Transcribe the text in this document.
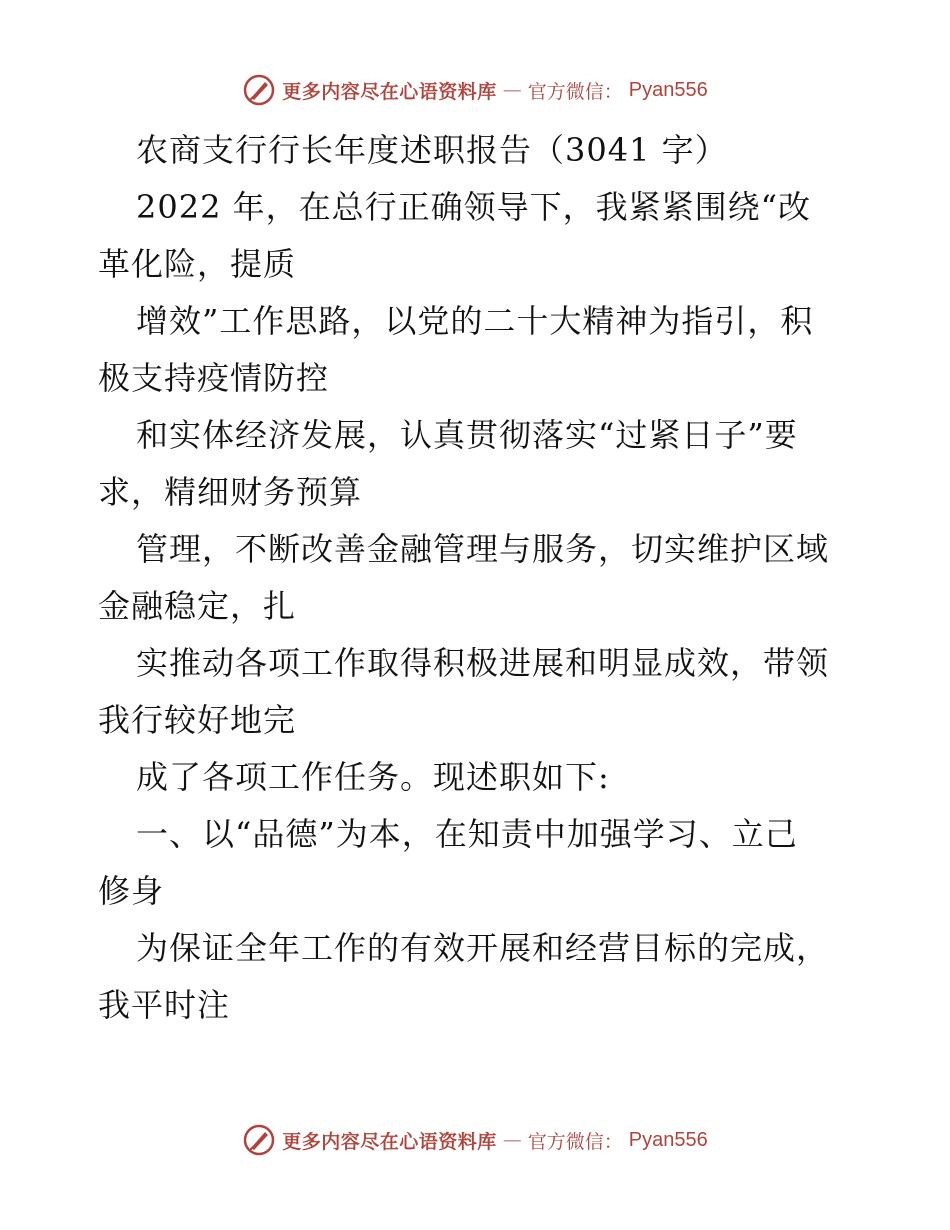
更多内容尽在心语资料库 — 官方微信： Pyan556
农商支行行长年度述职报告（3041 字）
2022 年，在总行正确领导下，我紧紧围绕“改
革化险，提质
增效”工作思路，以党的二十大精神为指引，积
极支持疫情防控
和实体经济发展，认真贯彻落实“过紧日子”要
求，精细财务预算
管理，不断改善金融管理与服务，切实维护区域
金融稳定，扎
实推动各项工作取得积极进展和明显成效，带领
我行较好地完
成了各项工作任务。现述职如下:
一、以“品德”为本，在知责中加强学习、立己
修身
为保证全年工作的有效开展和经营目标的完成，
我平时注
更多内容尽在心语资料库 — 官方微信： Pyan556
